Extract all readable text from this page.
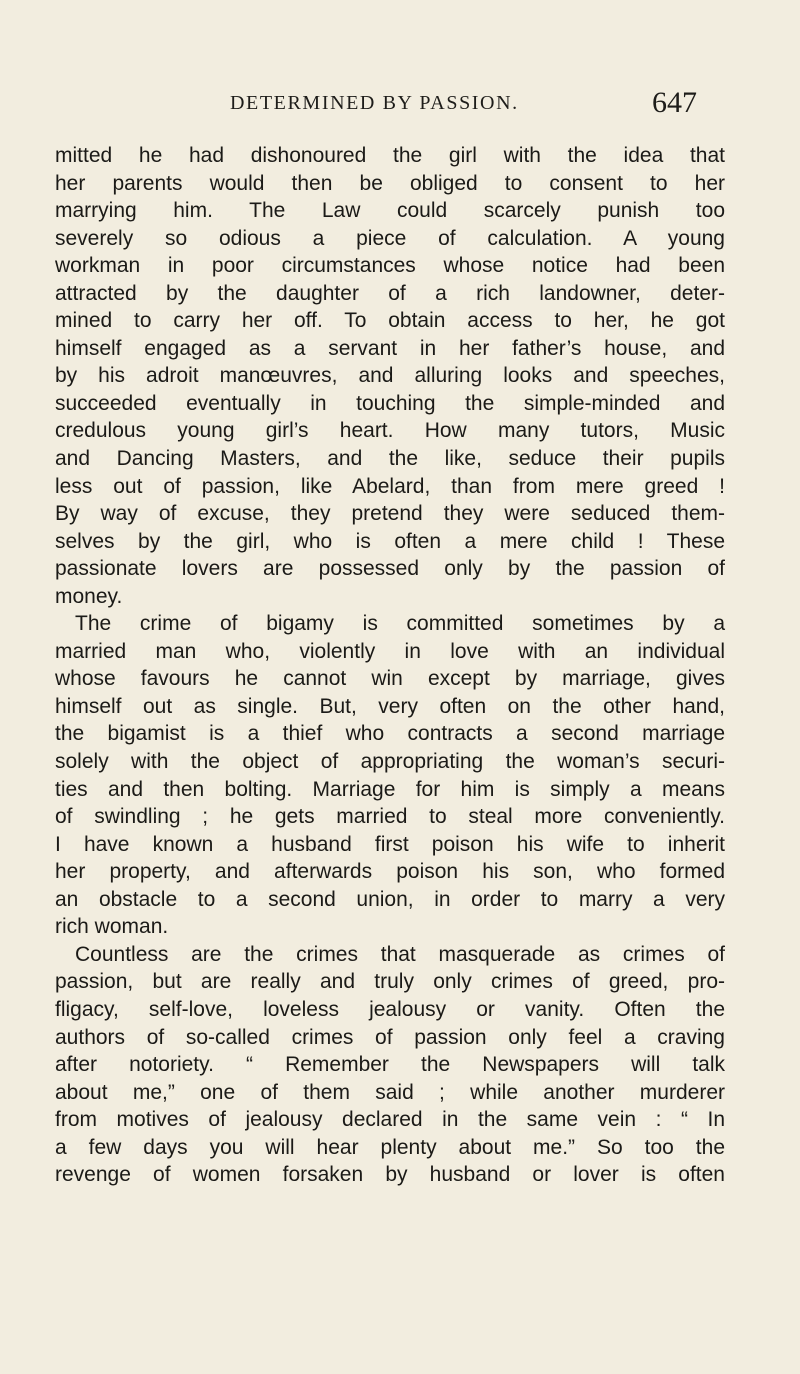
DETERMINED BY PASSION.	647
mitted he had dishonoured the girl with the idea that
her parents would then be obliged to consent to her
marrying him. The Law could scarcely punish too
severely so odious a piece of calculation. A young
workman in poor circumstances whose notice had been
attracted by the daughter of a rich landowner, deter-
mined to carry her off. To obtain access to her, he got
himself engaged as a servant in her father’s house, and
by his adroit manœuvres, and alluring looks and speeches,
succeeded eventually in touching the simple-minded and
credulous young girl’s heart. How many tutors, Music
and Dancing Masters, and the like, seduce their pupils
less out of passion, like Abelard, than from mere greed !
By way of excuse, they pretend they were seduced them-
selves by the girl, who is often a mere child ! These
passionate lovers are possessed only by the passion of
money.
The crime of bigamy is committed sometimes by a
married man who, violently in love with an individual
whose favours he cannot win except by marriage, gives
himself out as single. But, very often on the other hand,
the bigamist is a thief who contracts a second marriage
solely with the object of appropriating the woman’s securi-
ties and then bolting. Marriage for him is simply a means
of swindling ; he gets married to steal more conveniently.
I have known a husband first poison his wife to inherit
her property, and afterwards poison his son, who formed
an obstacle to a second union, in order to marry a very
rich woman.
Countless are the crimes that masquerade as crimes of
passion, but are really and truly only crimes of greed, pro-
fligacy, self-love, loveless jealousy or vanity. Often the
authors of so-called crimes of passion only feel a craving
after notoriety. “ Remember the Newspapers will talk
about me,” one of them said ; while another murderer
from motives of jealousy declared in the same vein : “ In
a few days you will hear plenty about me.” So too the
revenge of women forsaken by husband or lover is often
